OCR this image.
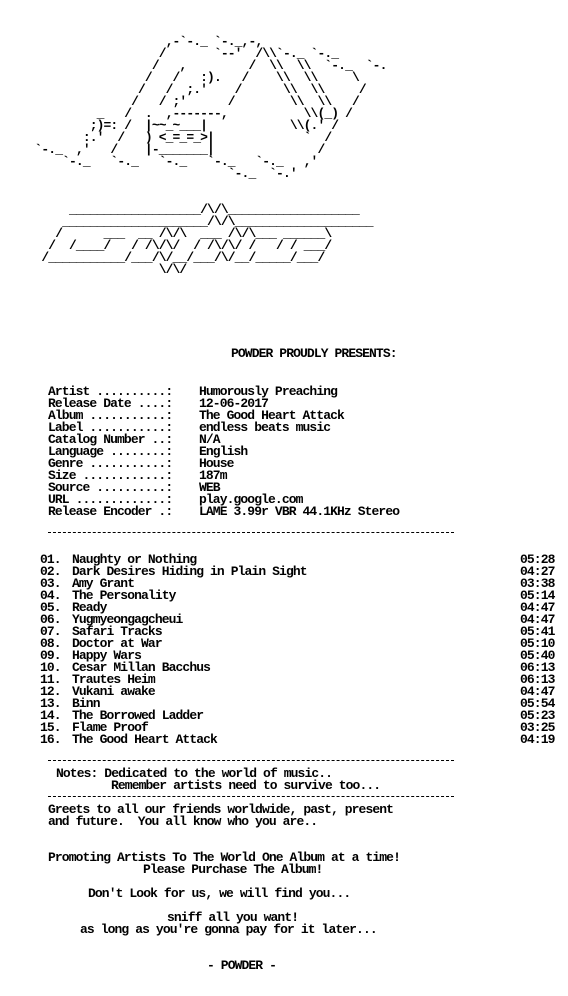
,-`-._ `-._,-,
/       `--'  /\\`-._ `-._
/   ,         /  \\  \\  `-._  `-.
/   /   :).   /    \\  \\     \
/   /  ;.'    /      \\  \\     /
/   / ;'      /        \\  \\   /
_   /  .  ,-------,           \\(_) /
;)=: /  |~~_~___|            \\(.' /
:.'  /   ) <_=_=_>|             `  /
`-._  ,'   /    |-_______|               /
`-._   `-._   `-._   `-._   `-._   ,'
`-._  `-.'

___________________/\/\___________________
_____________________/\/\____________________
/      ___  __ /\/\  ___ /\/\___ ______\
/  /____/   / /\/\/  / /\/\/ /   / / ___/
/___________/___/\/__/___/\/__/_____/___/
\/\/
POWDER PROUDLY PRESENTS:
Artist ..........: Humorously Preaching
Release Date ....: 12-06-2017
Album ...........: The Good Heart Attack
Label ...........: endless beats music
Catalog Number ..: N/A
Language ........: English
Genre ...........: House
Size ............: 187m
Source ..........: WEB
URL .............: play.google.com
Release Encoder .: LAME 3.99r VBR 44.1KHz Stereo
01. Naughty or Nothing	05:28
02. Dark Desires Hiding in Plain Sight	04:27
03. Amy Grant	03:38
04. The Personality	05:14
05. Ready	04:47
06. Yugmyeongagcheui	04:47
07. Safari Tracks	05:41
08. Doctor at War	05:10
09. Happy Wars	05:40
10. Cesar Millan Bacchus	06:13
11. Trautes Heim	06:13
12. Vukani awake	04:47
13. Binn	05:54
14. The Borrowed Ladder	05:23
15. Flame Proof	03:25
16. The Good Heart Attack	04:19
Notes: Dedicated to the world of music..
Remember artists need to survive too...
Greets to all our friends worldwide, past, present
and future.  You all know who you are..
Promoting Artists To The World One Album at a time!
Please Purchase The Album!
Don't Look for us, we will find you...
sniff all you want!
as long as you're gonna pay for it later...
- POWDER -
